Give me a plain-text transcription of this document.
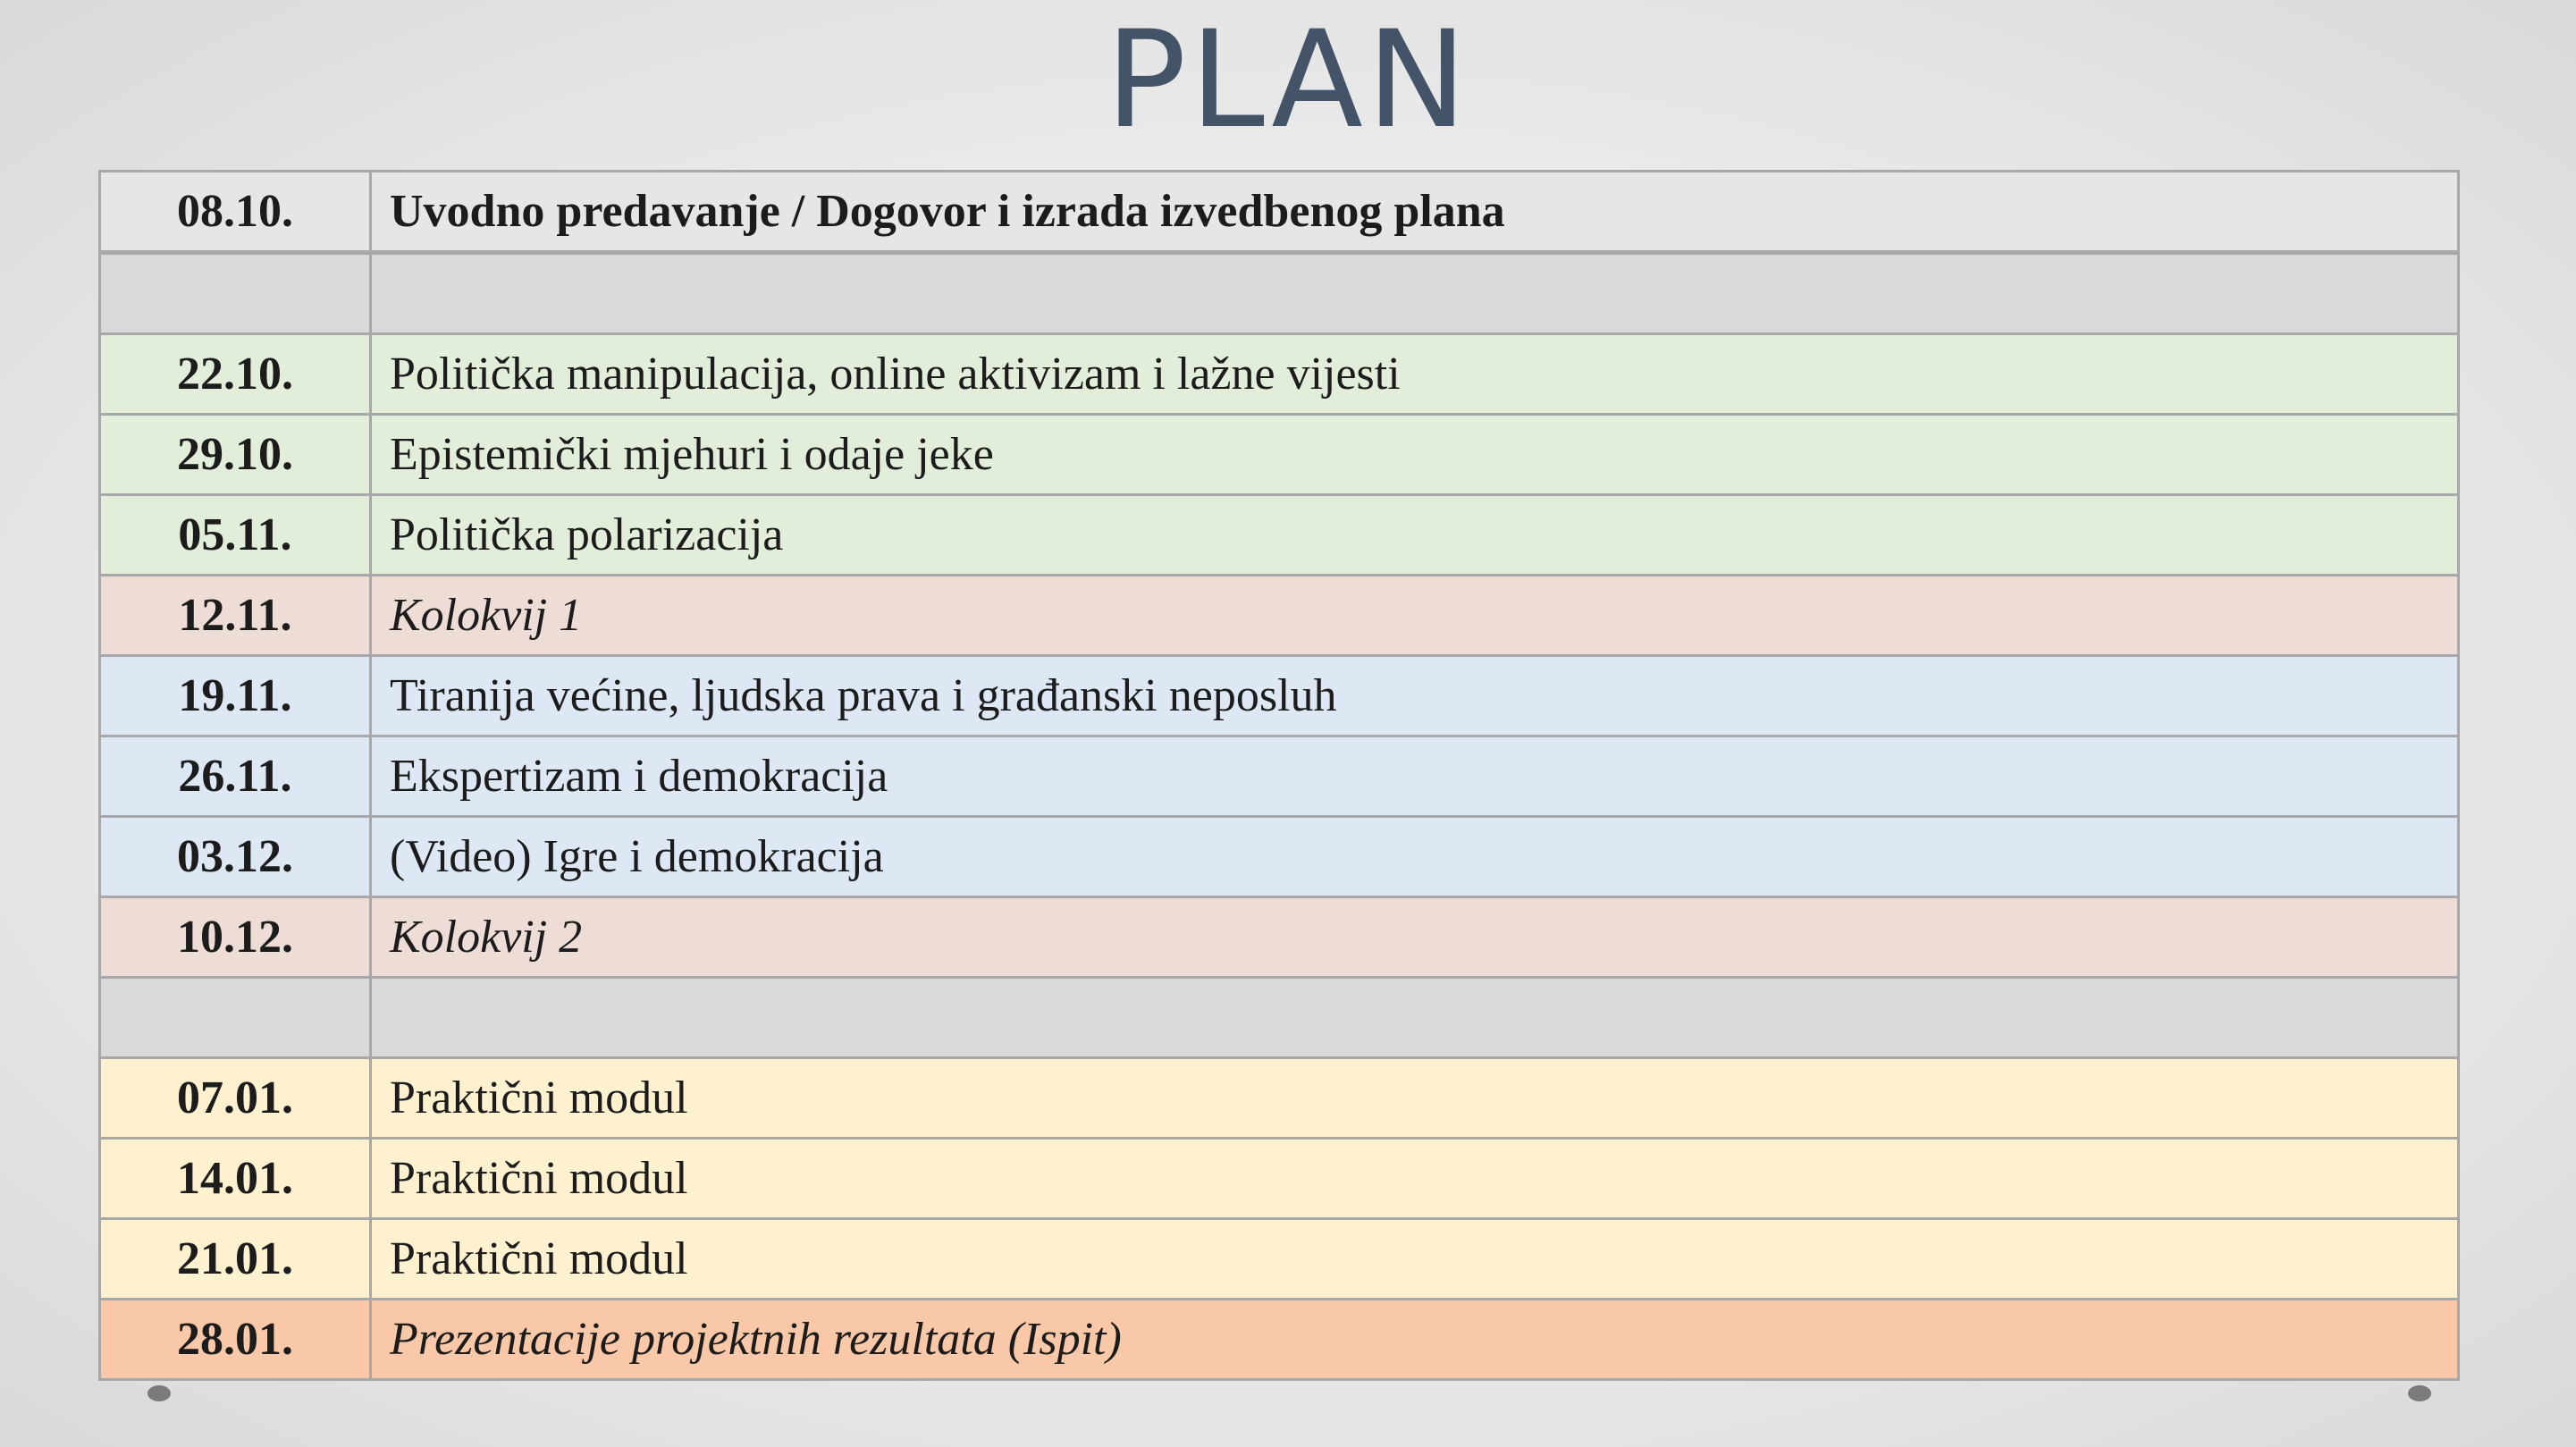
PLAN
08.10.	Uvodno predavanje / Dogovor i izrada izvedbenog plana

22.10.	Politička manipulacija, online aktivizam i lažne vijesti
29.10.	Epistemički mjehuri i odaje jeke
05.11.	Politička polarizacija
12.11.	Kolokvij 1
19.11.	Tiranija većine, ljudska prava i građanski neposluh
26.11.	Ekspertizam i demokracija
03.12.	(Video) Igre i demokracija
10.12.	Kolokvij 2

07.01.	Praktični modul
14.01.	Praktični modul
21.01.	Praktični modul
28.01.	Prezentacije projektnih rezultata (Ispit)
